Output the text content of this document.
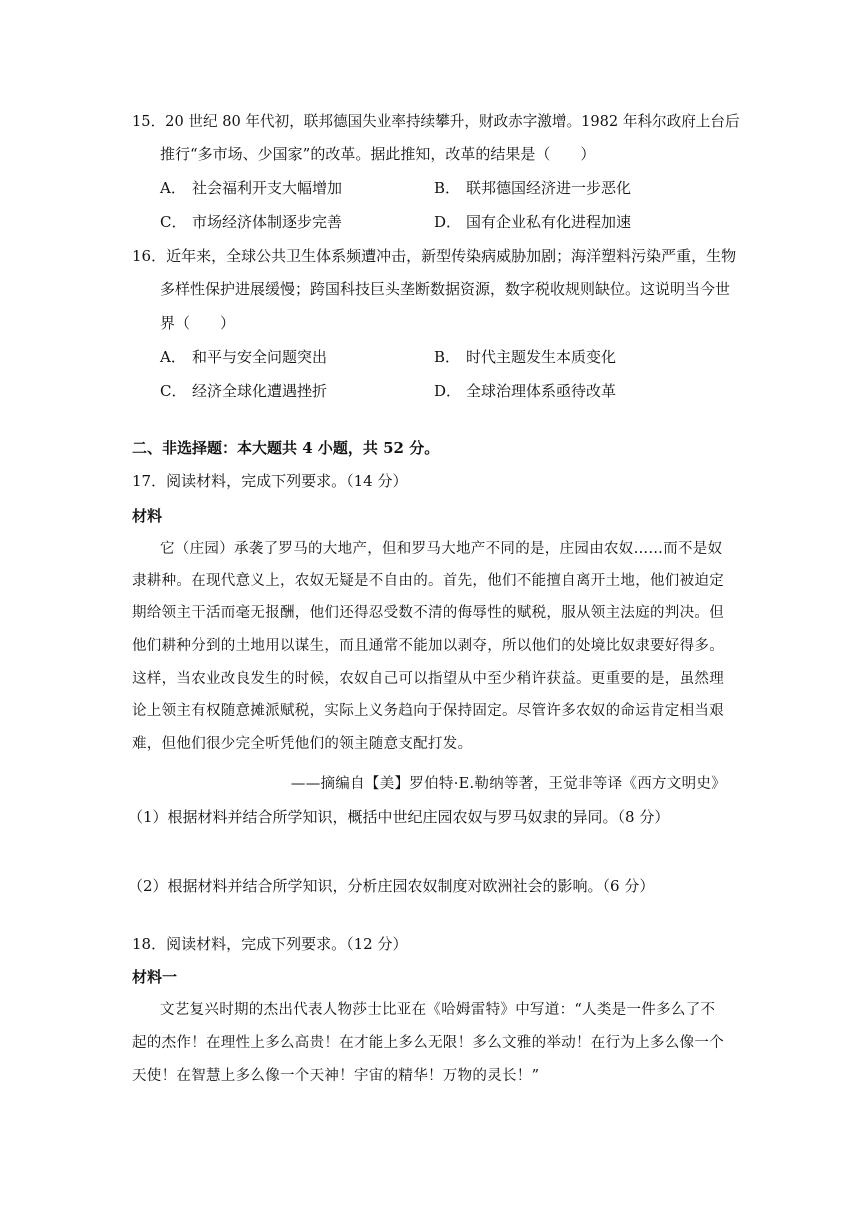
15．20 世纪 80 年代初，联邦德国失业率持续攀升，财政赤字激增。1982 年科尔政府上台后
推行“多市场、少国家”的改革。据此推知，改革的结果是（　　）
A． 社会福利开支大幅增加	B． 联邦德国经济进一步恶化
C． 市场经济体制逐步完善	D． 国有企业私有化进程加速
16．近年来，全球公共卫生体系频遭冲击，新型传染病威胁加剧；海洋塑料污染严重，生物
多样性保护进展缓慢；跨国科技巨头垄断数据资源，数字税收规则缺位。这说明当今世
界（　　）
A． 和平与安全问题突出	B． 时代主题发生本质变化
C． 经济全球化遭遇挫折	D． 全球治理体系亟待改革
二、非选择题：本大题共 4 小题，共 52 分。
17．阅读材料，完成下列要求。（14 分）
材料
它（庄园）承袭了罗马的大地产，但和罗马大地产不同的是，庄园由农奴……而不是奴
隶耕种。在现代意义上，农奴无疑是不自由的。首先，他们不能擅自离开土地，他们被迫定
期给领主干活而毫无报酬，他们还得忍受数不清的侮辱性的赋税，服从领主法庭的判决。但
他们耕种分到的土地用以谋生，而且通常不能加以剥夺，所以他们的处境比奴隶要好得多。
这样，当农业改良发生的时候，农奴自己可以指望从中至少稍许获益。更重要的是，虽然理
论上领主有权随意摊派赋税，实际上义务趋向于保持固定。尽管许多农奴的命运肯定相当艰
难，但他们很少完全听凭他们的领主随意支配打发。
——摘编自【美】罗伯特·E.勒纳等著，王觉非等译《西方文明史》
（1）根据材料并结合所学知识，概括中世纪庄园农奴与罗马奴隶的异同。（8 分）
（2）根据材料并结合所学知识，分析庄园农奴制度对欧洲社会的影响。（6 分）
18．阅读材料，完成下列要求。（12 分）
材料一
文艺复兴时期的杰出代表人物莎士比亚在《哈姆雷特》中写道：“人类是一件多么了不
起的杰作！在理性上多么高贵！在才能上多么无限！多么文雅的举动！在行为上多么像一个
天使！在智慧上多么像一个天神！宇宙的精华！万物的灵长！”
